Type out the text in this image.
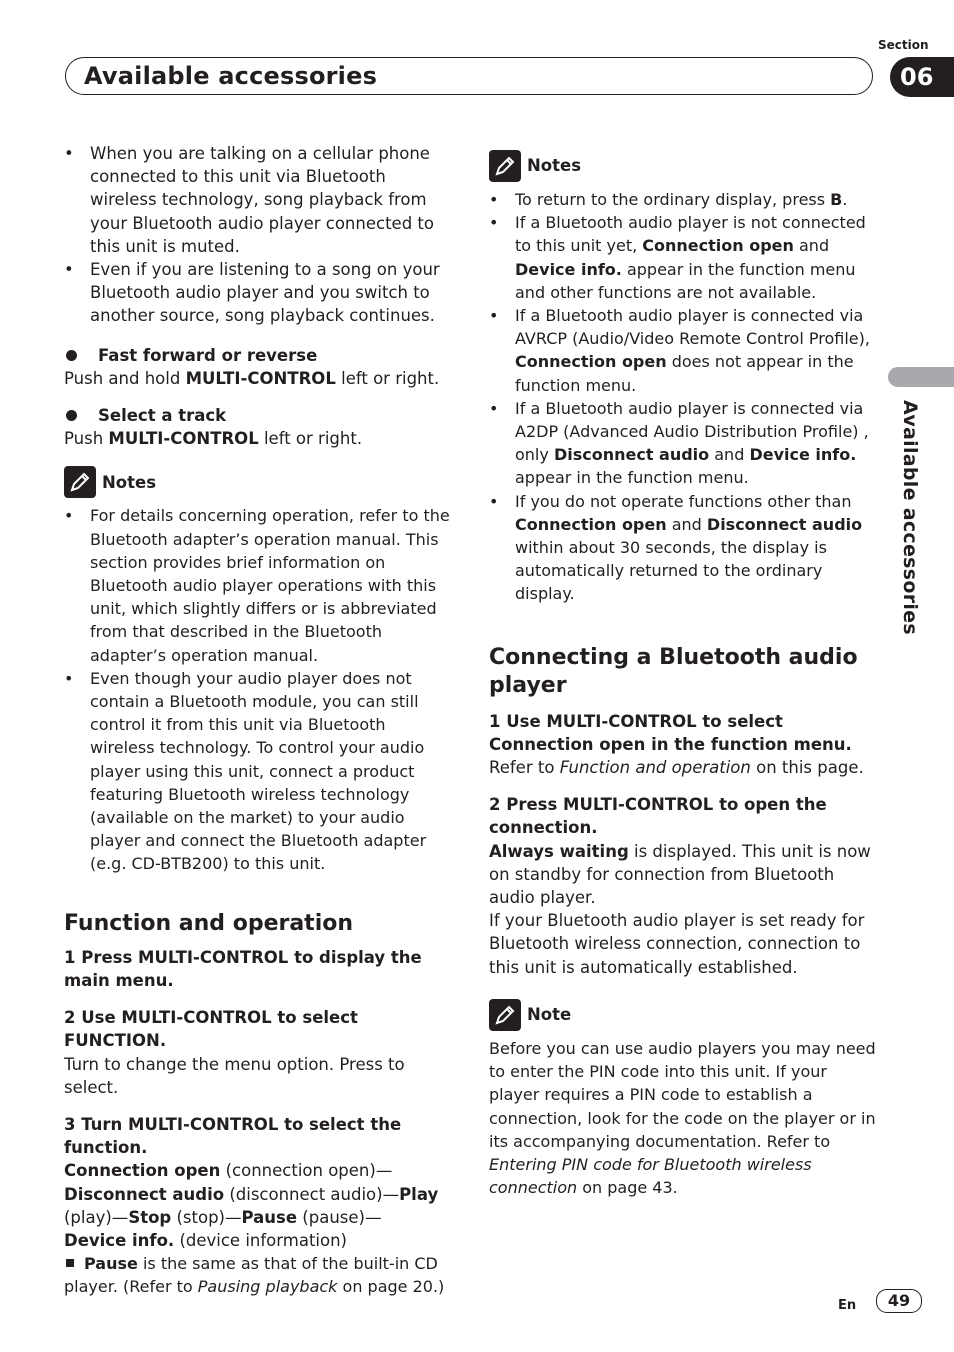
Available accessories
Section
06
Available accessories
• When you are talking on a cellular phone connected to this unit via Bluetooth wireless technology, song playback from your Bluetooth audio player connected to this unit is muted.
• Even if you are listening to a song on your Bluetooth audio player and you switch to another source, song playback continues.
Fast forward or reverse

Push and hold MULTI-CONTROL left or right.

Select a track

Push MULTI-CONTROL left or right.

Notes
• For details concerning operation, refer to the Bluetooth adapter’s operation manual. This section provides brief information on Bluetooth audio player operations with this unit, which slightly differs or is abbreviated from that described in the Bluetooth adapter’s operation manual.
• Even though your audio player does not contain a Bluetooth module, you can still control it from this unit via Bluetooth wireless technology. To control your audio player using this unit, connect a product featuring Bluetooth wireless technology (available on the market) to your audio player and connect the Bluetooth adapter (e.g. CD-BTB200) to this unit.
Function and operation

1 Press MULTI-CONTROL to display the main menu.

2 Use MULTI-CONTROL to select FUNCTION.

Turn to change the menu option. Press to select.

3 Turn MULTI-CONTROL to select the function.

Connection open (connection open)—Disconnect audio (disconnect audio)—Play (play)—Stop (stop)—Pause (pause)—
Device info. (device information)

Pause is the same as that of the built-in CD player. (Refer to Pausing playback on page 20.)

Notes
• To return to the ordinary display, press B.
• If a Bluetooth audio player is not connected to this unit yet, Connection open and Device info. appear in the function menu and other functions are not available.
• If a Bluetooth audio player is connected via AVRCP (Audio/Video Remote Control Profile), Connection open does not appear in the function menu.
• If a Bluetooth audio player is connected via A2DP (Advanced Audio Distribution Profile) , only Disconnect audio and Device info. appear in the function menu.
• If you do not operate functions other than Connection open and Disconnect audio within about 30 seconds, the display is automatically returned to the ordinary display.
Connecting a Bluetooth audio player

1 Use MULTI-CONTROL to select Connection open in the function menu.

Refer to Function and operation on this page.

2 Press MULTI-CONTROL to open the connection.

Always waiting is displayed. This unit is now on standby for connection from Bluetooth audio player.

If your Bluetooth audio player is set ready for Bluetooth wireless connection, connection to this unit is automatically established.

Note

Before you can use audio players you may need to enter the PIN code into this unit. If your player requires a PIN code to establish a connection, look for the code on the player or in its accompanying documentation. Refer to Entering PIN code for Bluetooth wireless connection on page 43.

En	49
